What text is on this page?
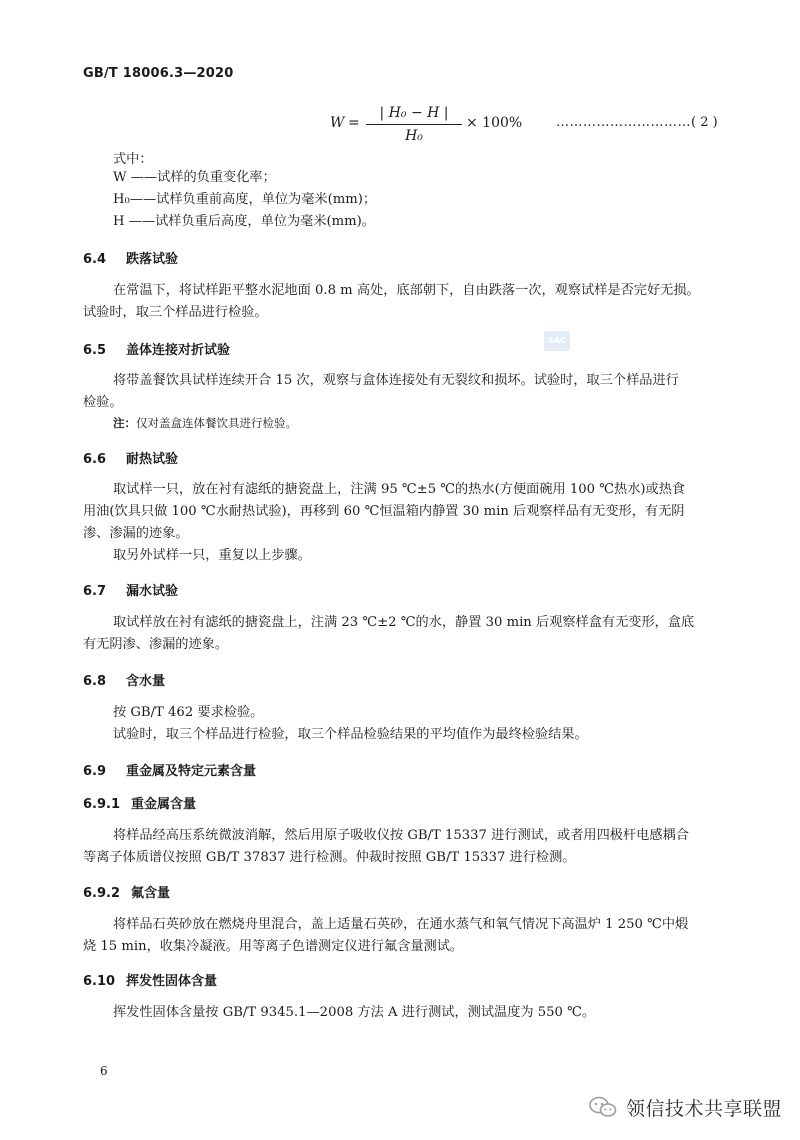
GB/T 18006.3—2020
W =
| H₀ − H |
H₀
× 100%	…………………………( 2 )
式中：
W ——试样的负重变化率；
H₀——试样负重前高度，单位为毫米(mm)；
H ——试样负重后高度，单位为毫米(mm)。
6.4 跌落试验
在常温下，将试样距平整水泥地面 0.8 m 高处，底部朝下，自由跌落一次，观察试样是否完好无损。
试验时，取三个样品进行检验。
SAC
6.5 盖体连接对折试验
将带盖餐饮具试样连续开合 15 次，观察与盒体连接处有无裂纹和损坏。试验时，取三个样品进行
检验。
注：仅对盖盒连体餐饮具进行检验。
6.6 耐热试验
取试样一只，放在衬有滤纸的搪瓷盘上，注满 95 ℃±5 ℃的热水(方便面碗用 100 ℃热水)或热食
用油(饮具只做 100 ℃水耐热试验)，再移到 60 ℃恒温箱内静置 30 min 后观察样品有无变形，有无阴
渗、渗漏的迹象。
取另外试样一只，重复以上步骤。
6.7 漏水试验
取试样放在衬有滤纸的搪瓷盘上，注满 23 ℃±2 ℃的水，静置 30 min 后观察样盒有无变形，盒底
有无阴渗、渗漏的迹象。
6.8 含水量
按 GB/T 462 要求检验。
试验时，取三个样品进行检验，取三个样品检验结果的平均值作为最终检验结果。
6.9 重金属及特定元素含量
6.9.1 重金属含量
将样品经高压系统微波消解，然后用原子吸收仪按 GB/T 15337 进行测试，或者用四极杆电感耦合
等离子体质谱仪按照 GB/T 37837 进行检测。仲裁时按照 GB/T 15337 进行检测。
6.9.2 氟含量
将样品石英砂放在燃烧舟里混合，盖上适量石英砂，在通水蒸气和氧气情况下高温炉 1 250 ℃中煅
烧 15 min，收集冷凝液。用等离子色谱测定仪进行氟含量测试。
6.10 挥发性固体含量
挥发性固体含量按 GB/T 9345.1—2008 方法 A 进行测试，测试温度为 550 ℃。
6
领信技术共享联盟
